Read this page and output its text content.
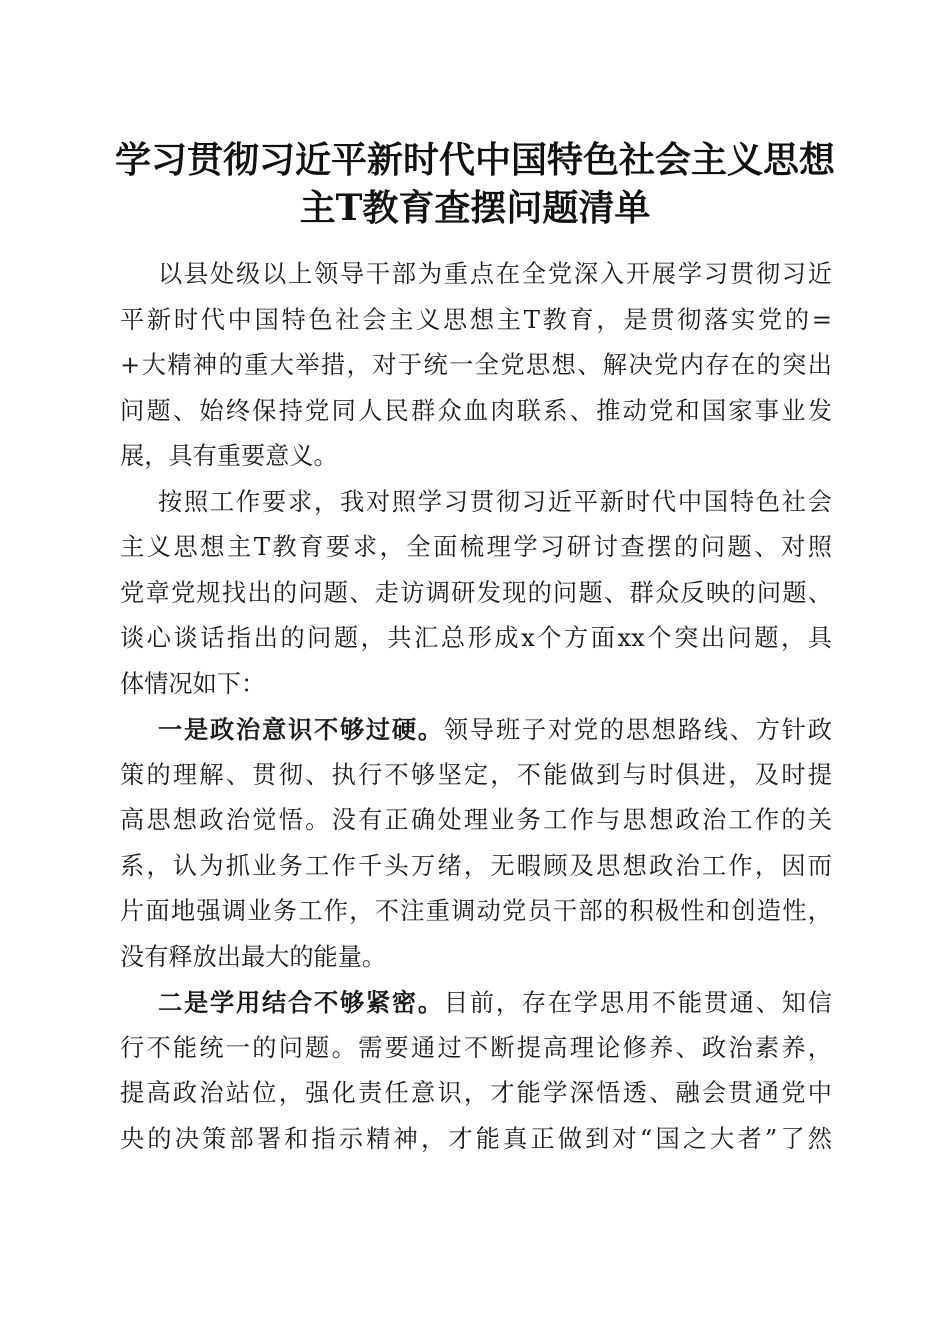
学习贯彻习近平新时代中国特色社会主义思想
主T教育查摆问题清单
以县处级以上领导干部为重点在全党深入开展学习贯彻习近
平新时代中国特色社会主义思想主T教育，是贯彻落实党的=
+大精神的重大举措，对于统一全党思想、解决党内存在的突出
问题、始终保持党同人民群众血肉联系、推动党和国家事业发
展，具有重要意义。
按照工作要求，我对照学习贯彻习近平新时代中国特色社会
主义思想主T教育要求，全面梳理学习研讨查摆的问题、对照
党章党规找出的问题、走访调研发现的问题、群众反映的问题、
谈心谈话指出的问题，共汇总形成x个方面xx个突出问题，具
体情况如下：
一是政治意识不够过硬。领导班子对党的思想路线、方针政
策的理解、贯彻、执行不够坚定，不能做到与时俱进，及时提
高思想政治觉悟。没有正确处理业务工作与思想政治工作的关
系，认为抓业务工作千头万绪，无暇顾及思想政治工作，因而
片面地强调业务工作，不注重调动党员干部的积极性和创造性，
没有释放出最大的能量。
二是学用结合不够紧密。目前，存在学思用不能贯通、知信
行不能统一的问题。需要通过不断提高理论修养、政治素养，
提高政治站位，强化责任意识，才能学深悟透、融会贯通党中
央的决策部署和指示精神，才能真正做到对“国之大者”了然
